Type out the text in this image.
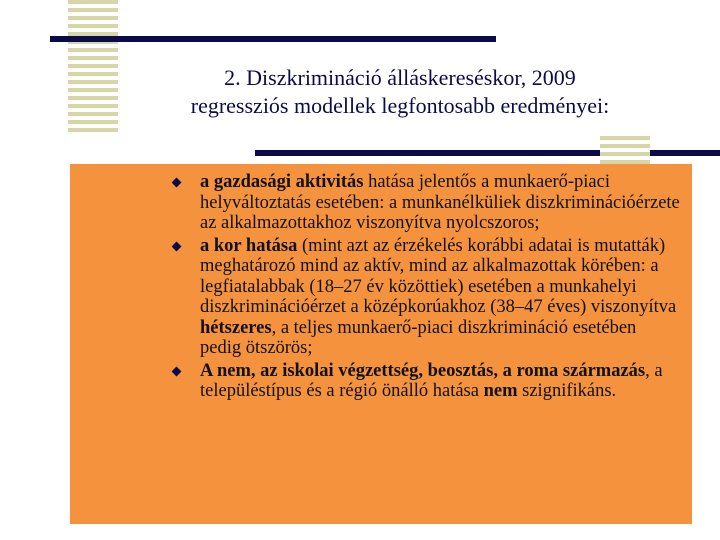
2. Diszkrimináció álláskereséskor, 2009
regressziós modellek legfontosabb eredményei:
a gazdasági aktivitás hatása jelentős a munkaerő-piaci helyváltoztatás esetében: a munkanélküliek diszkriminációérzete az alkalmazottakhoz viszonyítva nyolcszoros;
a kor hatása (mint azt az érzékelés korábbi adatai is mutatták) meghatározó mind az aktív, mind az alkalmazottak körében: a legfiatalabbak (18–27 év közöttiek) esetében a munkahelyi diszkriminációérzet a középkorúakhoz (38–47 éves) viszonyítva hétszeres, a teljes munkaerő-piaci diszkrimináció esetében pedig ötszörös;
A nem, az iskolai végzettség, beosztás, a roma származás, a településtípus és a régió önálló hatása nem szignifikáns.
